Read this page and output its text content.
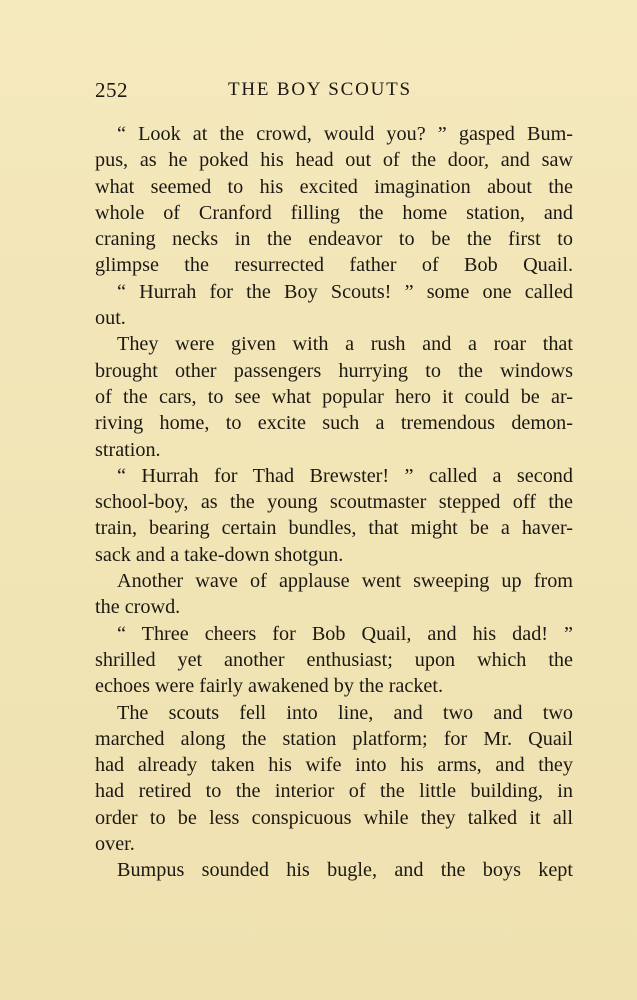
252	THE BOY SCOUTS
“ Look at the crowd, would you? ” gasped Bum-
pus, as he poked his head out of the door, and saw
what seemed to his excited imagination about the
whole of Cranford filling the home station, and
craning necks in the endeavor to be the first to
glimpse the resurrected father of Bob Quail.
“ Hurrah for the Boy Scouts! ” some one called
out.
They were given with a rush and a roar that
brought other passengers hurrying to the windows
of the cars, to see what popular hero it could be ar-
riving home, to excite such a tremendous demon-
stration.
“ Hurrah for Thad Brewster! ” called a second
school-boy, as the young scoutmaster stepped off the
train, bearing certain bundles, that might be a haver-
sack and a take-down shotgun.
Another wave of applause went sweeping up from
the crowd.
“ Three cheers for Bob Quail, and his dad! ”
shrilled yet another enthusiast; upon which the
echoes were fairly awakened by the racket.
The scouts fell into line, and two and two
marched along the station platform; for Mr. Quail
had already taken his wife into his arms, and they
had retired to the interior of the little building, in
order to be less conspicuous while they talked it all
over.
Bumpus sounded his bugle, and the boys kept
